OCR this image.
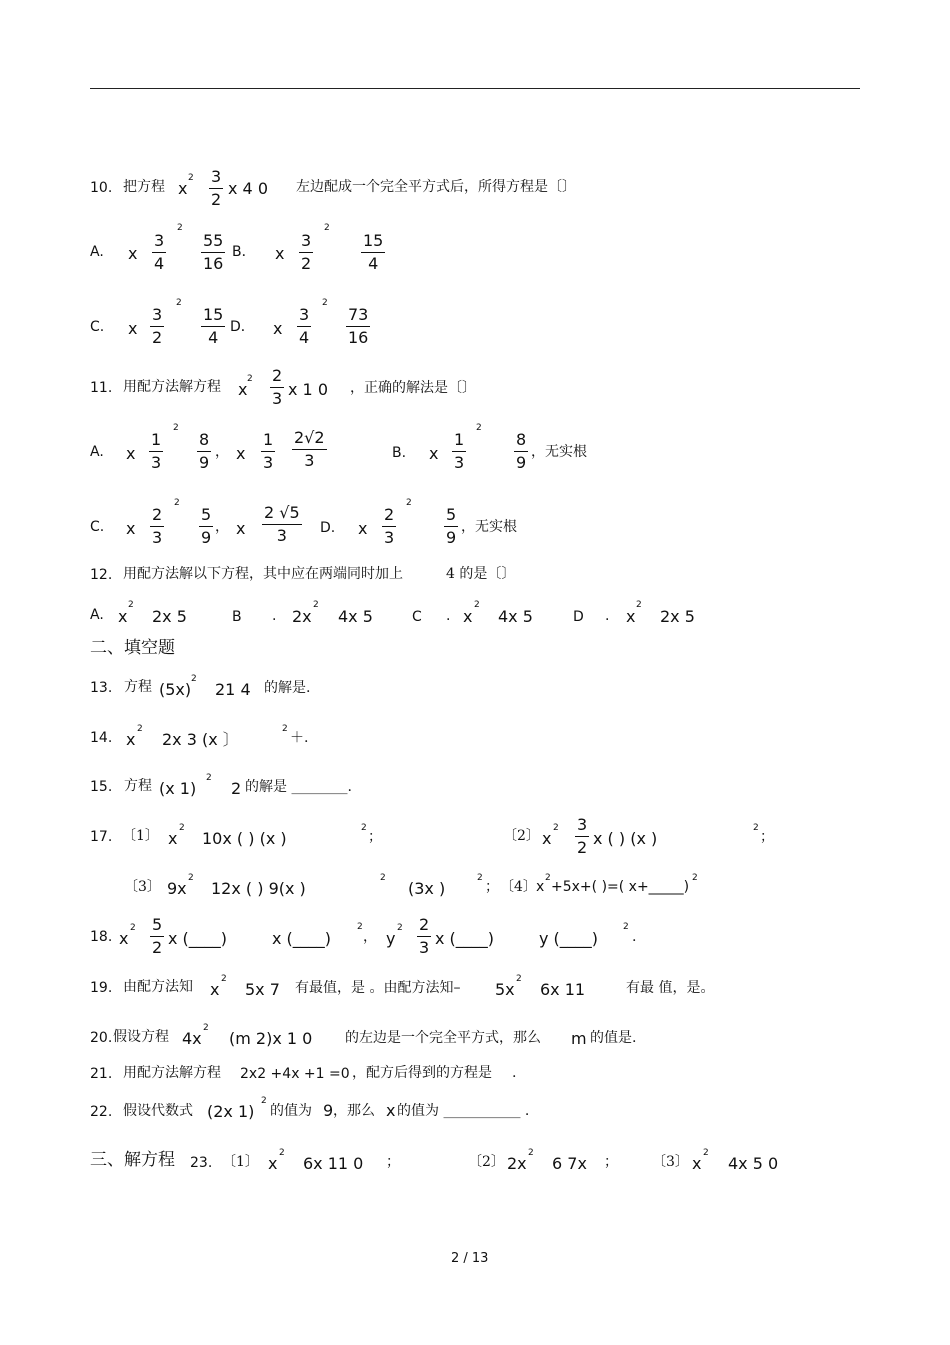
10. 把方程 x
2 3
2
x 4 0 左边配成一个完全平方式后，所得方程是〔〕
A. x
3
4
2
55
16
B． x
3
2
2
15
4
C. x
3
2
2
15
4
D． x
3
4
2
73
16
11. 用配方法解方程 x
2 2
3 x 1 0 ，正确的解法是〔〕
A. x
1
3
2
8
9
， x
1
3
2√2
3	B. x
1
3
2
8
9
，无实根
C. x
2
3
2
5
9
， x
2 √5
3 D. x
2
3
2
5
9
，无实根
12. 用配方法解以下方程，其中应在两端同时加上	4 的是〔〕
A. x
2
2x 5	B . 2x
2
4x 5	C . x
2
4x 5	D . x
2
2x 5
二、填空题
13. 方程 (5x)
2
21 4 的解是.
14. x
2
2x 3 (x 〕
2
＋.
15. 方程 (x 1)
2
2 的解是 ________.
17. 〔1〕 x
2
10x ( ) (x )
2
；	〔2〕 x
2 3
2 x ( ) (x )
2
；
〔3〕 9x
2
12x ( ) 9(x )
2
(3x )
2
； 〔4〕 x
2
+5x+( )=( x+_____)
2
18. x
2 5
2 x (____)	x (____)
2
， y
2 2
3 x (____)	y (____)
2
.
19. 由配方法知 x
2
5x 7 有最值，是 。由配方法知– 5x
2
6x 11	有最 值，是。
20. 假设方程 4x
2
(m 2)x 1 0 的左边是一个完全平方式，那么 m 的值是.
21. 用配方法解方程 2x2 +4x +1 =0 ，配方后得到的方程是 .
22. 假设代数式 (2x 1)
2
的值为 9 ，那么 x 的值为 ___________ .
三、解方程 23. 〔1〕 x
2
6x 11 0 ；	〔2〕 2x
2
6 7x ； 〔3〕 x
2
4x 5 0
2 / 13
